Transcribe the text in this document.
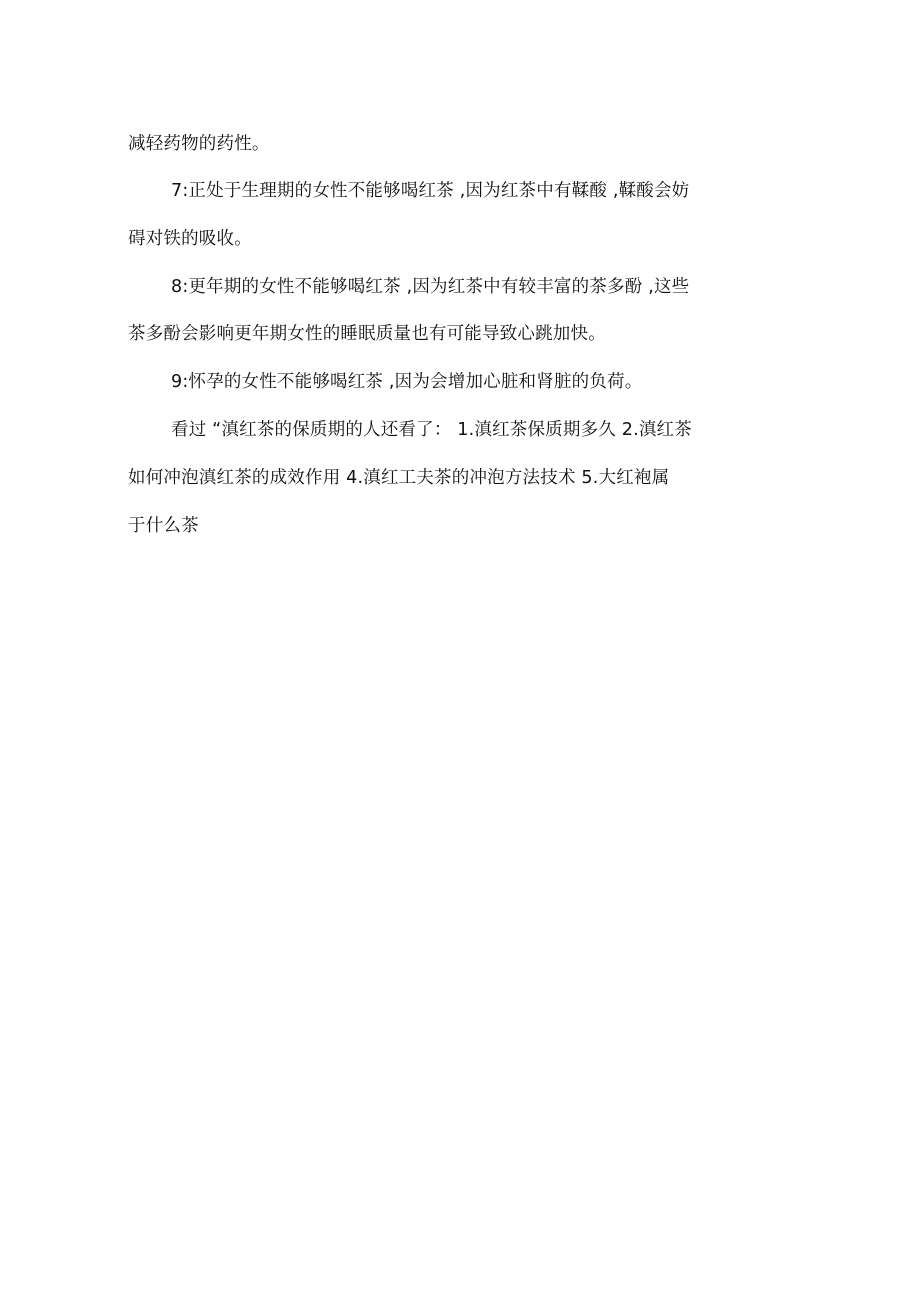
减轻药物的药性。
7:正处于生理期的女性不能够喝红茶 ,因为红茶中有鞣酸 ,鞣酸会妨
碍对铁的吸收。
8:更年期的女性不能够喝红茶 ,因为红茶中有较丰富的茶多酚 ,这些
茶多酚会影响更年期女性的睡眠质量也有可能导致心跳加快。
9:怀孕的女性不能够喝红茶 ,因为会增加心脏和肾脏的负荷。
看过 “滇红茶的保质期的人还看了： 1.滇红茶保质期多久 2.滇红茶
如何冲泡滇红茶的成效作用 4.滇红工夫茶的冲泡方法技术 5.大红袍属
于什么茶
